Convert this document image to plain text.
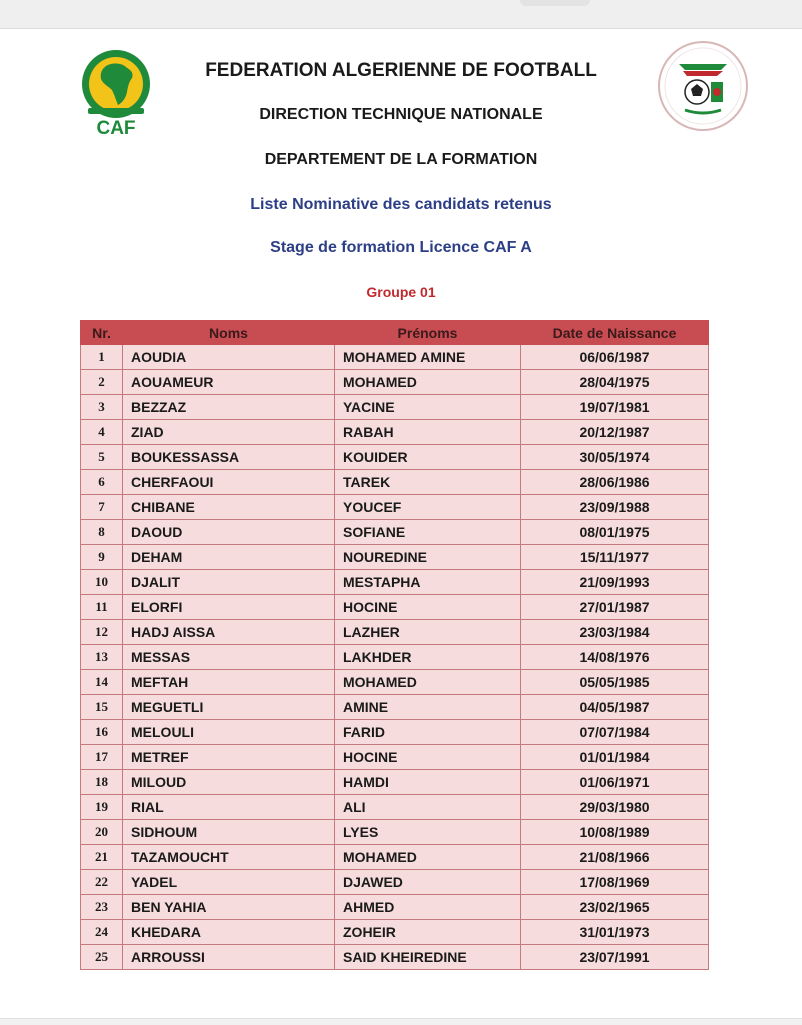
CAF
FEDERATION ALGERIENNE DE FOOTBALL
DIRECTION TECHNIQUE NATIONALE
DEPARTEMENT DE LA FORMATION
Liste Nominative des candidats retenus
Stage de formation Licence CAF A
Groupe 01
Nr.	Noms	Prénoms	Date de Naissance
1	AOUDIA	MOHAMED AMINE	06/06/1987
2	AOUAMEUR	MOHAMED	28/04/1975
3	BEZZAZ	YACINE	19/07/1981
4	ZIAD	RABAH	20/12/1987
5	BOUKESSASSA	KOUIDER	30/05/1974
6	CHERFAOUI	TAREK	28/06/1986
7	CHIBANE	YOUCEF	23/09/1988
8	DAOUD	SOFIANE	08/01/1975
9	DEHAM	NOUREDINE	15/11/1977
10	DJALIT	MESTAPHA	21/09/1993
11	ELORFI	HOCINE	27/01/1987
12	HADJ AISSA	LAZHER	23/03/1984
13	MESSAS	LAKHDER	14/08/1976
14	MEFTAH	MOHAMED	05/05/1985
15	MEGUETLI	AMINE	04/05/1987
16	MELOULI	FARID	07/07/1984
17	METREF	HOCINE	01/01/1984
18	MILOUD	HAMDI	01/06/1971
19	RIAL	ALI	29/03/1980
20	SIDHOUM	LYES	10/08/1989
21	TAZAMOUCHT	MOHAMED	21/08/1966
22	YADEL	DJAWED	17/08/1969
23	BEN YAHIA	AHMED	23/02/1965
24	KHEDARA	ZOHEIR	31/01/1973
25	ARROUSSI	SAID KHEIREDINE	23/07/1991
